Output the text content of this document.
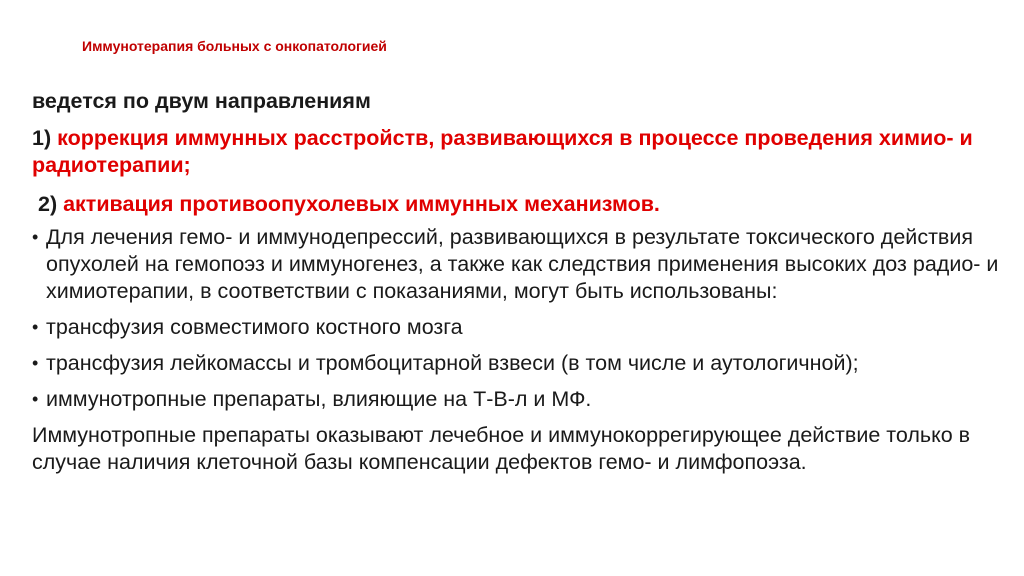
Иммунотерапия больных с онкопатологией

ведется по двум направлениям

1) коррекция иммунных расстройств, развивающихся в процессе проведения химио- и радиотерапии;

2) активация противоопухолевых иммунных механизмов.

• Для лечения гемо- и иммунодепрессий, развивающихся в результате токсического действия опухолей на гемопоэз и иммуногенез, а также как следствия применения высоких доз радио- и химиотерапии, в соответствии с показаниями, могут быть использованы:
• трансфузия совместимого костного мозга
• трансфузия лейкомассы и тромбоцитарной взвеси (в том числе и аутологичной);
• иммунотропные препараты, влияющие на Т-В-л и МФ.

Иммунотропные препараты оказывают лечебное и иммунокоррегирующее действие только в случае наличия клеточной базы компенсации дефектов гемо- и лимфопоэза.
